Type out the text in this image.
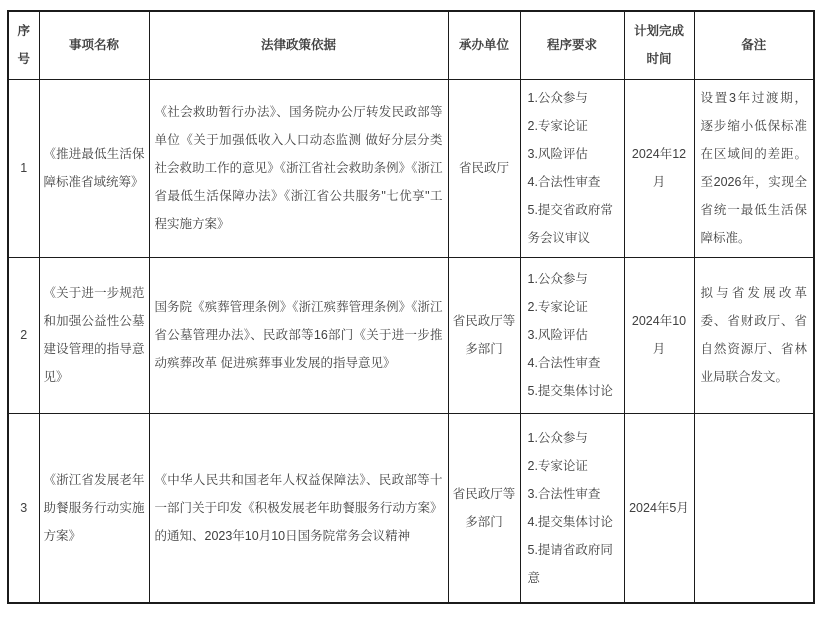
序号	事项名称	法律政策依据	承办单位	程序要求	计划完成时间	备注
1	《推进最低生活保障标准省域统筹》	《社会救助暂行办法》、国务院办公厅转发民政部等单位《关于加强低收入人口动态监测 做好分层分类社会救助工作的意见》《浙江省社会救助条例》《浙江省最低生活保障办法》《浙江省公共服务"七优享"工程实施方案》	省民政厅	1.公众参与
2.专家论证
3.风险评估
4.合法性审查
5.提交省政府常务会议审议	2024年12月	设置3年过渡期，逐步缩小低保标准在区域间的差距。至2026年，实现全省统一最低生活保障标准。
2	《关于进一步规范和加强公益性公墓建设管理的指导意见》	国务院《殡葬管理条例》《浙江殡葬管理条例》《浙江省公墓管理办法》、民政部等16部门《关于进一步推动殡葬改革 促进殡葬事业发展的指导意见》	省民政厅等多部门	1.公众参与
2.专家论证
3.风险评估
4.合法性审查
5.提交集体讨论	2024年10月	拟与省发展改革委、省财政厅、省自然资源厅、省林业局联合发文。
3	《浙江省发展老年助餐服务行动实施方案》	《中华人民共和国老年人权益保障法》、民政部等十一部门关于印发《积极发展老年助餐服务行动方案》的通知、2023年10月10日国务院常务会议精神	省民政厅等多部门	1.公众参与
2.专家论证
3.合法性审查
4.提交集体讨论
5.提请省政府同意	2024年5月	
